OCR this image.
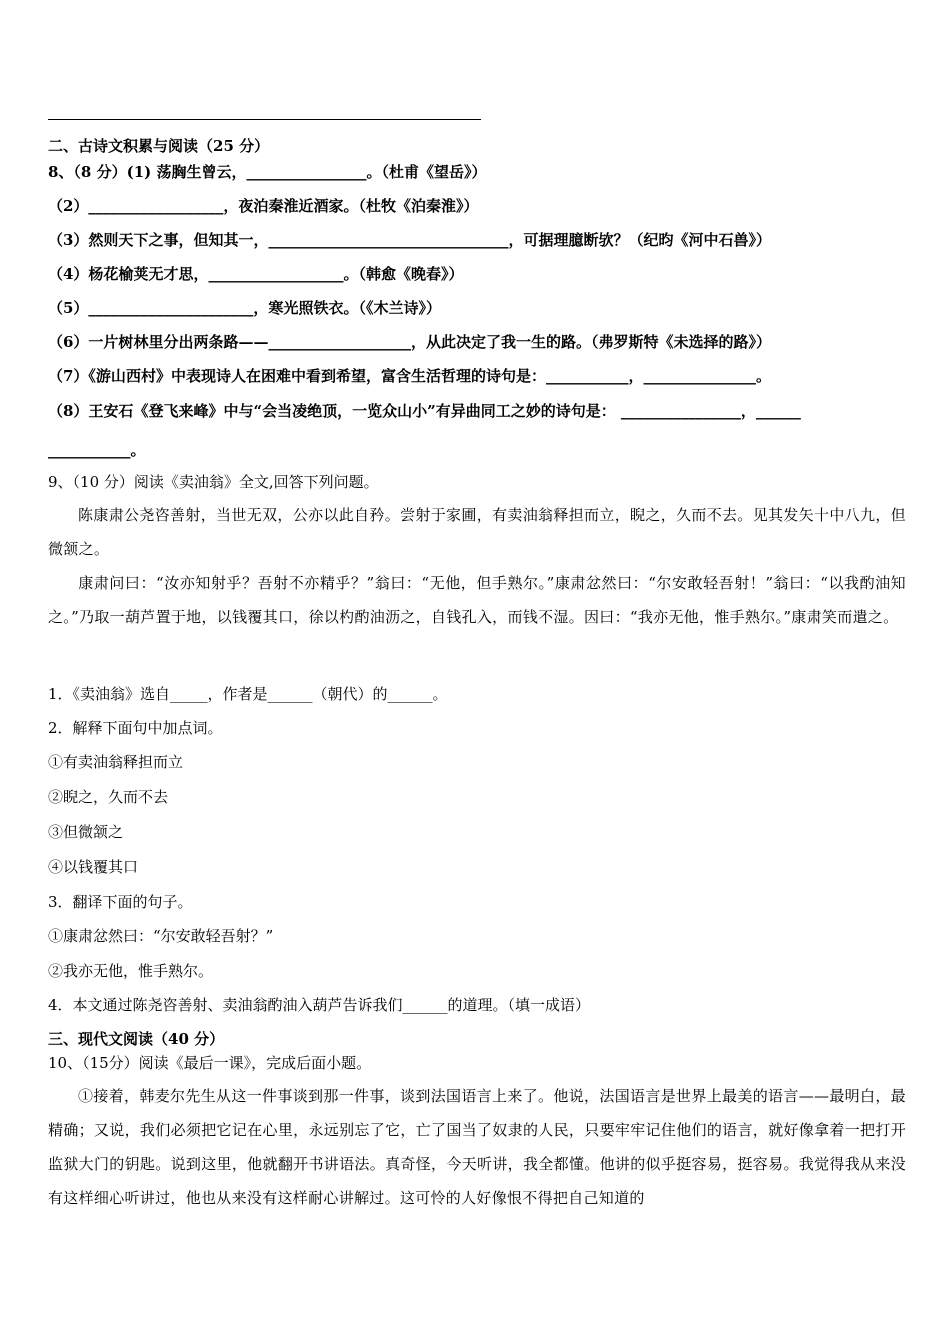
二、古诗文积累与阅读（25 分）
8、（8 分）(1) 荡胸生曾云，________________。（杜甫《望岳》）
（2）__________________，夜泊秦淮近酒家。（杜牧《泊秦淮》）
（3）然则天下之事，但知其一，________________________________，可据理臆断欤？（纪昀《河中石兽》）
（4）杨花榆荚无才思，__________________。（韩愈《晚春》）
（5）______________________，寒光照铁衣。（《木兰诗》）
（6）一片树林里分出两条路——___________________，从此决定了我一生的路。（弗罗斯特《未选择的路》）
（7）《游山西村》中表现诗人在困难中看到希望，富含生活哲理的诗句是：___________，_______________。
（8）王安石《登飞来峰》中与“会当凌绝顶，一览众山小”有异曲同工之妙的诗句是： ________________，______
___________。
9、（10 分）阅读《卖油翁》全文,回答下列问题。
陈康肃公尧咨善射，当世无双，公亦以此自矜。尝射于家圃，有卖油翁释担而立，睨之，久而不去。见其发矢十中八九，但微颔之。
康肃问曰：“汝亦知射乎？吾射不亦精乎？”翁曰：“无他，但手熟尔。”康肃忿然曰：“尔安敢轻吾射！”翁曰：“以我酌油知之。”乃取一葫芦置于地，以钱覆其口，徐以杓酌油沥之，自钱孔入，而钱不湿。因曰：“我亦无他，惟手熟尔。”康肃笑而遣之。
1．《卖油翁》选自_____，作者是______（朝代）的______。
2．解释下面句中加点词。
①有卖油翁释担而立
②睨之，久而不去
③但微颔之
④以钱覆其口
3．翻译下面的句子。
①康肃忿然曰：“尔安敢轻吾射？”
②我亦无他，惟手熟尔。
4．本文通过陈尧咨善射、卖油翁酌油入葫芦告诉我们______的道理。（填一成语）
三、现代文阅读（40 分）
10、（15分）阅读《最后一课》，完成后面小题。
①接着，韩麦尔先生从这一件事谈到那一件事，谈到法国语言上来了。他说，法国语言是世界上最美的语言——最明白，最精确；又说，我们必须把它记在心里，永远别忘了它，亡了国当了奴隶的人民，只要牢牢记住他们的语言，就好像拿着一把打开监狱大门的钥匙。说到这里，他就翻开书讲语法。真奇怪，今天听讲，我全都懂。他讲的似乎挺容易，挺容易。我觉得我从来没有这样细心听讲过，他也从来没有这样耐心讲解过。这可怜的人好像恨不得把自己知道的
